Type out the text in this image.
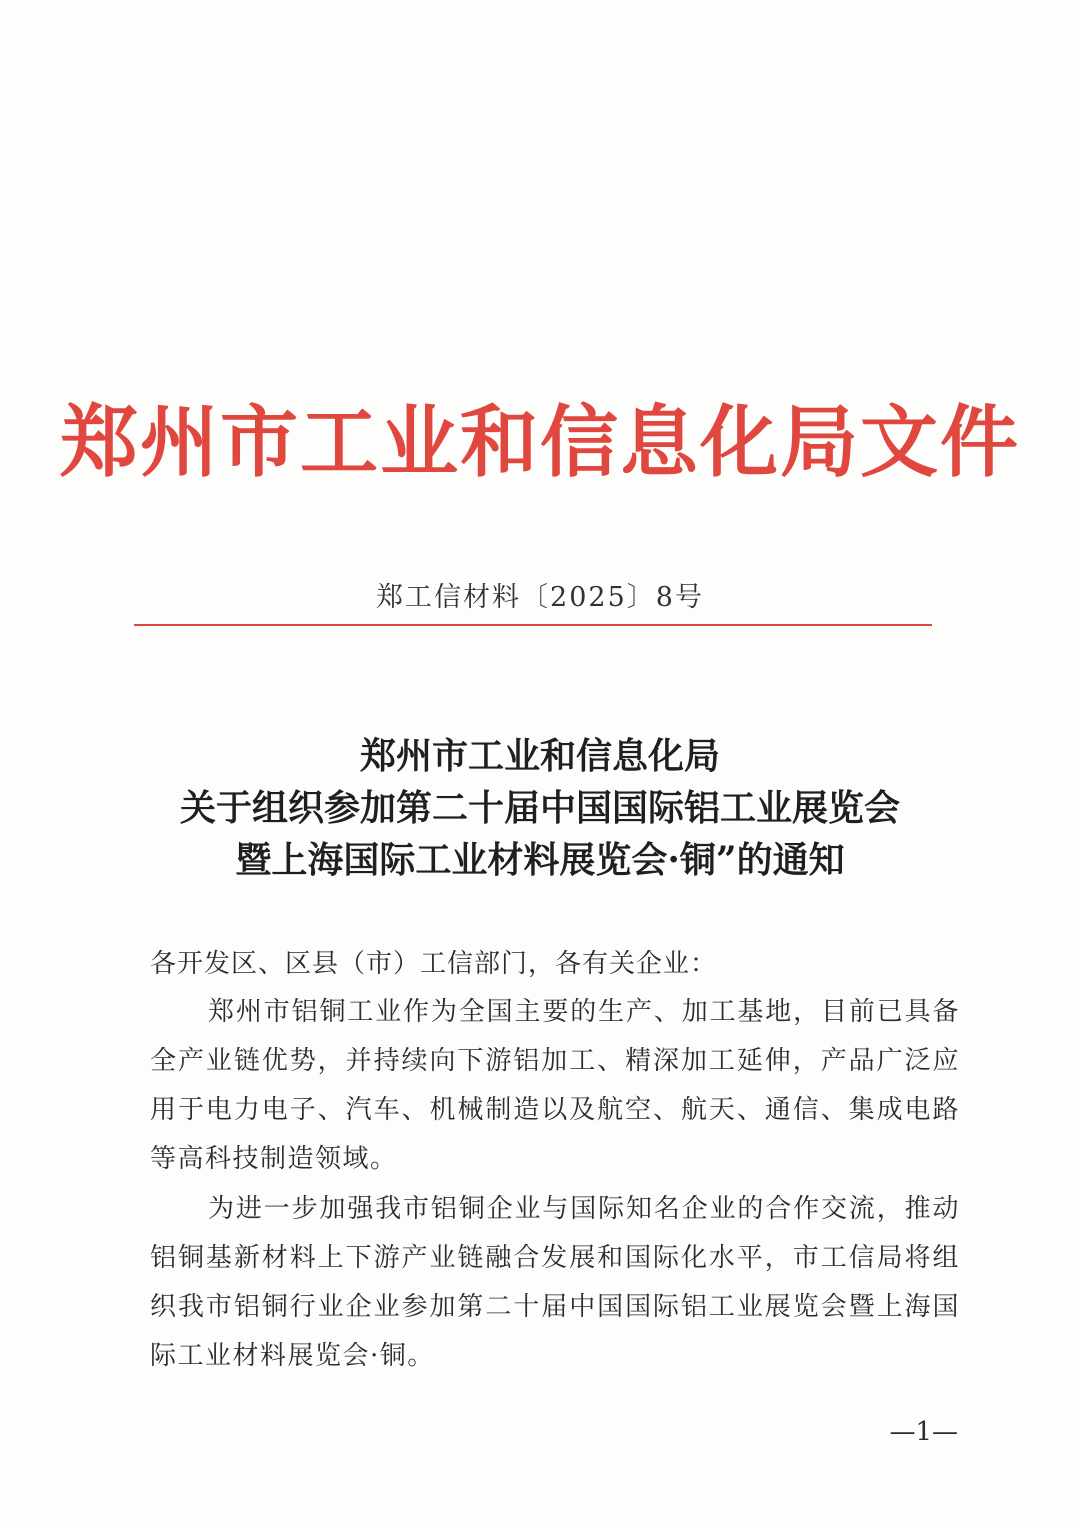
郑州市工业和信息化局文件
郑工信材料〔2025〕8号
郑州市工业和信息化局
关于组织参加第二十届中国国际铝工业展览会
暨上海国际工业材料展览会·铜”的通知
各开发区、区县（市）工信部门，各有关企业：
郑州市铝铜工业作为全国主要的生产、加工基地，目前已具备全产业链优势，并持续向下游铝加工、精深加工延伸，产品广泛应用于电力电子、汽车、机械制造以及航空、航天、通信、集成电路等高科技制造领域。
为进一步加强我市铝铜企业与国际知名企业的合作交流，推动铝铜基新材料上下游产业链融合发展和国际化水平，市工信局将组织我市铝铜行业企业参加第二十届中国国际铝工业展览会暨上海国际工业材料展览会·铜。
—1—
